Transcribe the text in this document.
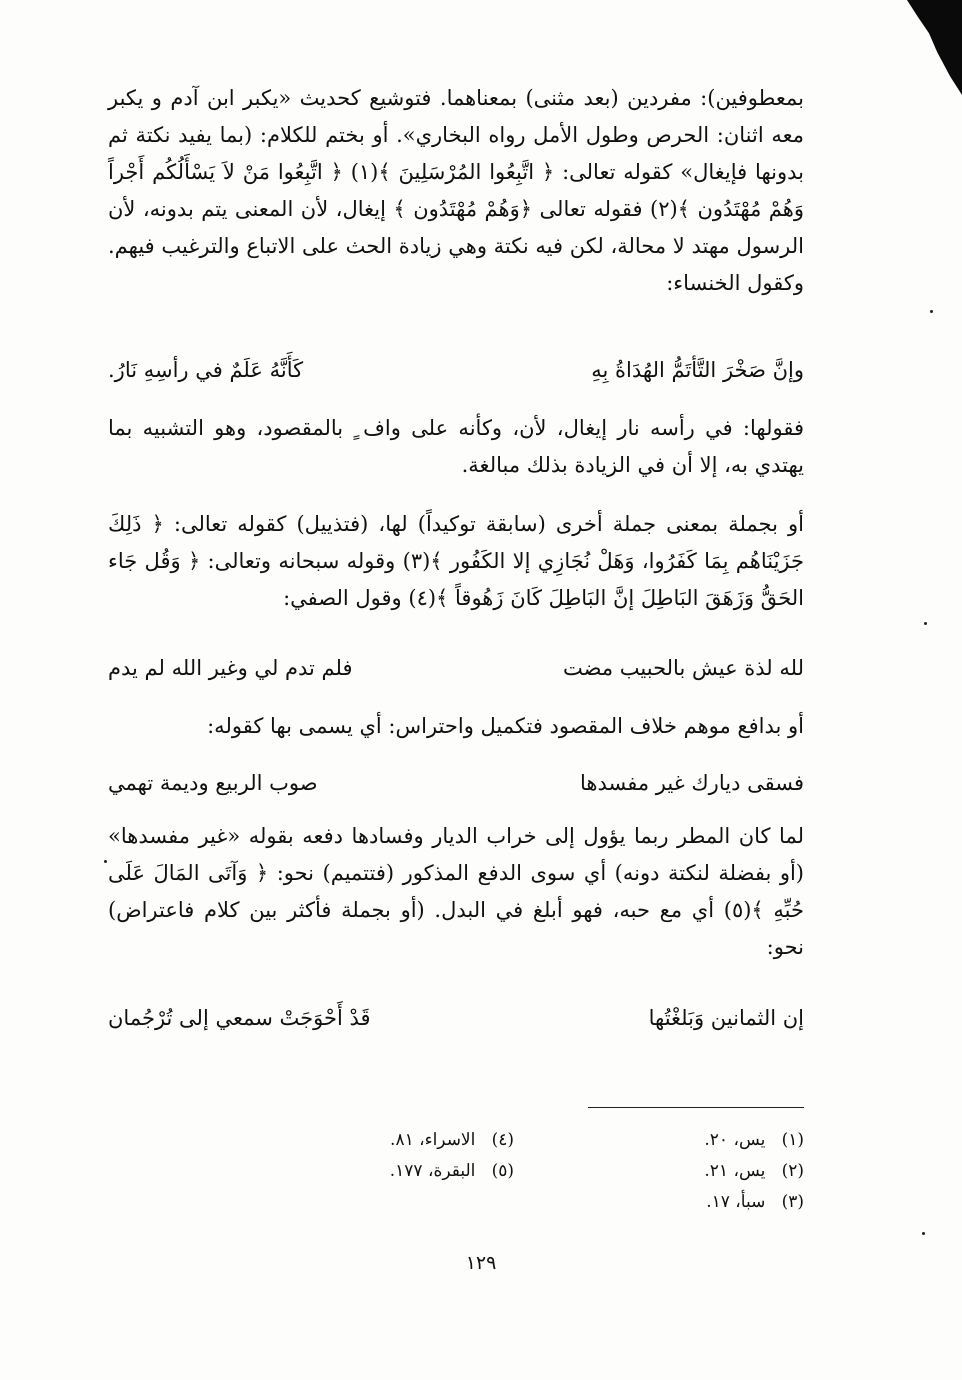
بمعطوفين): مفردين (بعد مثنى) بمعناهما. فتوشيع كحديث «يكبر ابن آدم و يكبر معه اثنان: الحرص وطول الأمل رواه البخاري». أو بختم للكلام: (بما يفيد نكتة ثم بدونها فإيغال» كقوله تعالى: ﴿ اتَّبِعُوا المُرْسَلِينَ ﴾(١) ﴿ اتَّبِعُوا مَنْ لاَ يَسْأَلُكُم أَجْراً وَهُمْ مُهْتَدُون ﴾(٢) فقوله تعالى ﴿وَهُمْ مُهْتَدُون ﴾ إيغال، لأن المعنى يتم بدونه، لأن الرسول مهتد لا محالة، لكن فيه نكتة وهي زيادة الحث على الاتباع والترغيب فيهم. وكقول الخنساء:

وإنَّ صَخْرَ التَّأتَمُّ الهُدَاةُ بِهِ
كَأَنَّهُ عَلَمٌ في رأسِهِ نَارُ.

فقولها: في رأسه نار إيغال، لأن، وكأنه على واف ٍ بالمقصود، وهو التشبيه بما يهتدي به، إلا أن في الزيادة بذلك مبالغة.

أو بجملة بمعنى جملة أخرى (سابقة توكيداً) لها، (فتذييل) كقوله تعالى: ﴿ ذَلِكَ جَزَيْنَاهُم بِمَا كَفَرُوا، وَهَلْ نُجَازِي إلا الكَفُور ﴾(٣) وقوله سبحانه وتعالى: ﴿ وَقُل جَاء الحَقُّ وَزَهَقَ البَاطِلَ إنَّ البَاطِلَ كَانَ زَهُوقاً ﴾(٤) وقول الصفي:

لله لذة عيش بالحبيب مضت
فلم تدم لي وغير الله لم يدم

أو بدافع موهم خلاف المقصود فتكميل واحتراس: أي يسمى بها كقوله:

فسقى ديارك غير مفسدها
صوب الربيع وديمة تهمي

لما كان المطر ربما يؤول إلى خراب الديار وفسادها دفعه بقوله «غير مفسدها» (أو بفضلة لنكتة دونه) أي سوى الدفع المذكور (فتتميم) نحو: ﴿ وَآتَى المَالَ عَلَى حُبِّهِ ﴾(٥) أي مع حبه، فهو أبلغ في البدل. (أو بجملة فأكثر بين كلام فاعتراض) نحو:

إن الثمانين وَبَلغْتُها
قَدْ أَحْوَجَتْ سمعي إلى تُرْجُمان
(١)   يس، ٢٠.
(٢)   يس، ٢١.
(٣)   سبأ، ١٧.
(٤)   الاسراء، ٨١.
(٥)   البقرة، ١٧٧.
١٢٩
